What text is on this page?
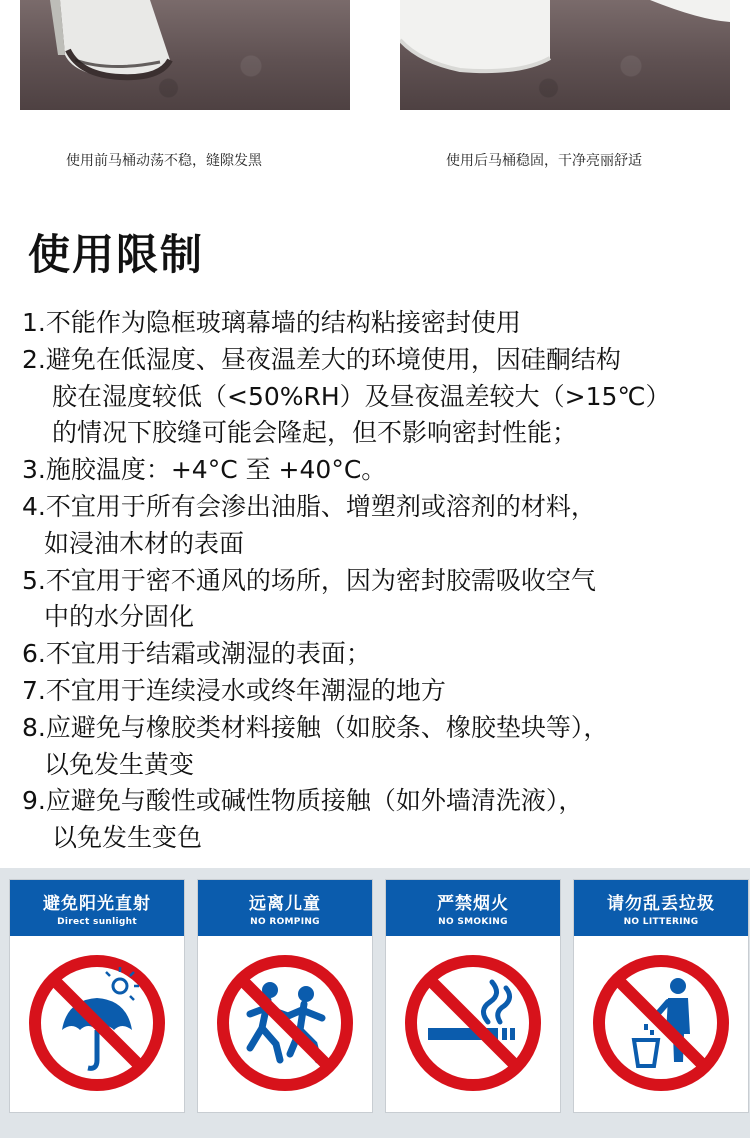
使用前马桶动荡不稳，缝隙发黑	使用后马桶稳固，干净亮丽舒适
使用限制
1.不能作为隐框玻璃幕墙的结构粘接密封使用
2.避免在低湿度、昼夜温差大的环境使用，因硅酮结构
胶在湿度较低（<50%RH）及昼夜温差较大（>15℃）
的情况下胶缝可能会隆起，但不影响密封性能；
3.施胶温度：+4°C 至 +40°C。
4.不宜用于所有会渗出油脂、增塑剂或溶剂的材料，
如浸油木材的表面
5.不宜用于密不通风的场所，因为密封胶需吸收空气
中的水分固化
6.不宜用于结霜或潮湿的表面；
7.不宜用于连续浸水或终年潮湿的地方
8.应避免与橡胶类材料接触（如胶条、橡胶垫块等），
以免发生黄变
9.应避免与酸性或碱性物质接触（如外墙清洗液），
以免发生变色
避免阳光直射
Direct sunlight
远离儿童
NO ROMPING
严禁烟火
NO SMOKING
请勿乱丢垃圾
NO LITTERING
